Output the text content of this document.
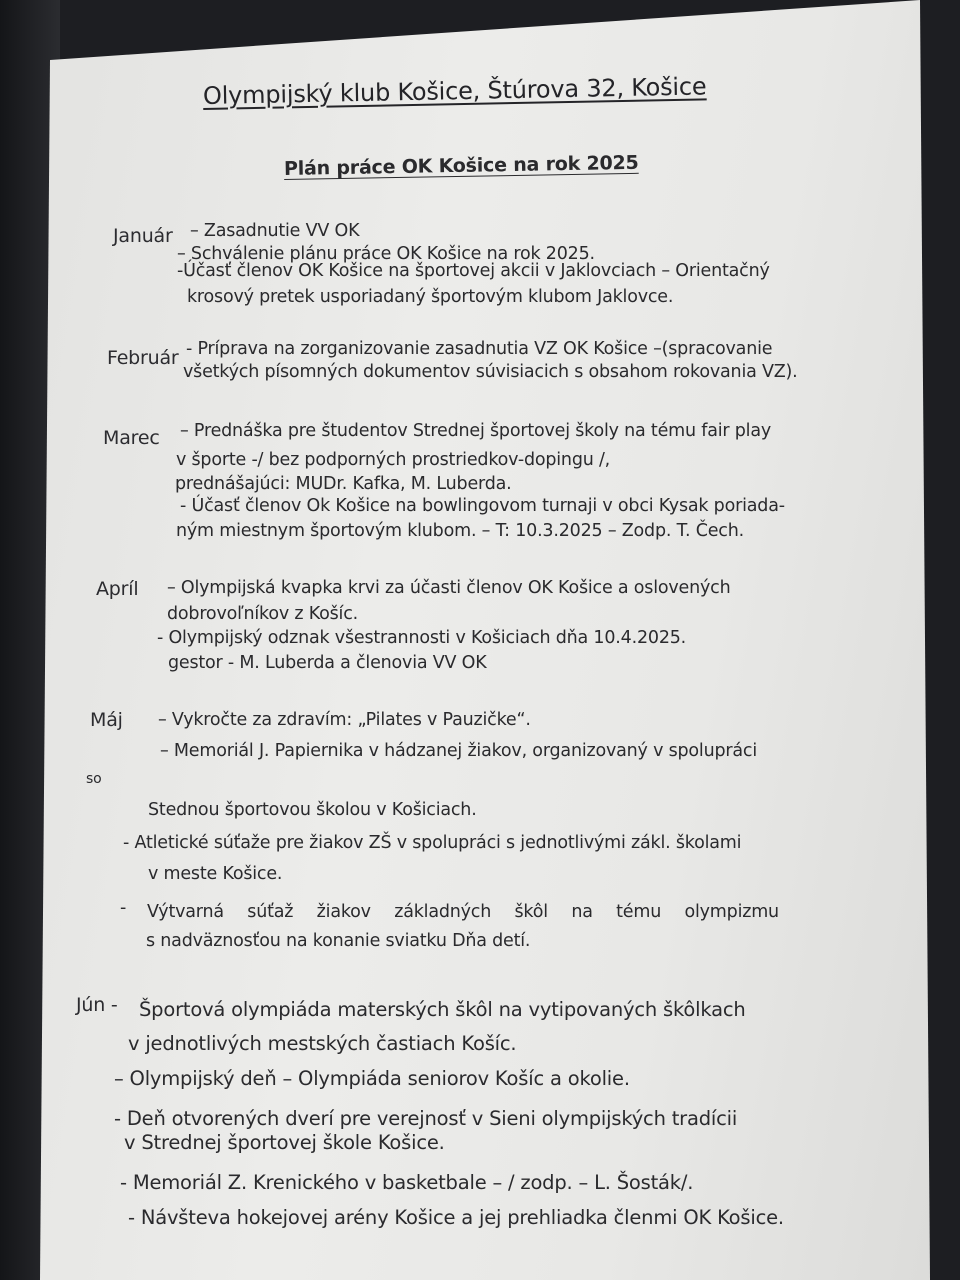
Olympijský klub Košice, Štúrova 32, Košice
Plán práce OK Košice na rok 2025
Január – Zasadnutie VV OK
– Schválenie plánu práce OK Košice na rok 2025.
-Účasť členov OK Košice na športovej akcii v Jaklovciach – Orientačný
krosový pretek usporiadaný športovým klubom Jaklovce.
Február - Príprava na zorganizovanie zasadnutia VZ OK Košice –(spracovanie
všetkých písomných dokumentov súvisiacich s obsahom rokovania VZ).
Marec – Prednáška pre študentov Strednej športovej školy na tému fair play
v športe -/ bez podporných prostriedkov-dopingu /,
prednášajúci: MUDr. Kafka, M. Luberda.
- Účasť členov Ok Košice na bowlingovom turnaji v obci Kysak poriada-
ným miestnym športovým klubom. – T: 10.3.2025 – Zodp. T. Čech.
Apríl – Olympijská kvapka krvi za účasti členov OK Košice a oslovených
dobrovoľníkov z Košíc.
- Olympijský odznak všestrannosti v Košiciach dňa 10.4.2025.
gestor - M. Luberda a členovia VV OK
Máj – Vykročte za zdravím: „Pilates v Pauzičke“.
– Memoriál J. Papiernika v hádzanej žiakov, organizovaný v spolupráci
so
Stednou športovou školou v Košiciach.
- Atletické súťaže pre žiakov ZŠ v spolupráci s jednotlivými zákl. školami
v meste Košice.
- Výtvarná súťaž žiakov základných škôl na tému olympizmu
s nadväznosťou na konanie sviatku Dňa detí.
Jún - Športová olympiáda materských škôl na vytipovaných škôlkach
v jednotlivých mestských častiach Košíc.
– Olympijský deň – Olympiáda seniorov Košíc a okolie.
- Deň otvorených dverí pre verejnosť v Sieni olympijských tradícii
v Strednej športovej škole Košice.
- Memoriál Z. Krenického v basketbale – / zodp. – L. Šosták/.
- Návšteva hokejovej arény Košice a jej prehliadka členmi OK Košice.
